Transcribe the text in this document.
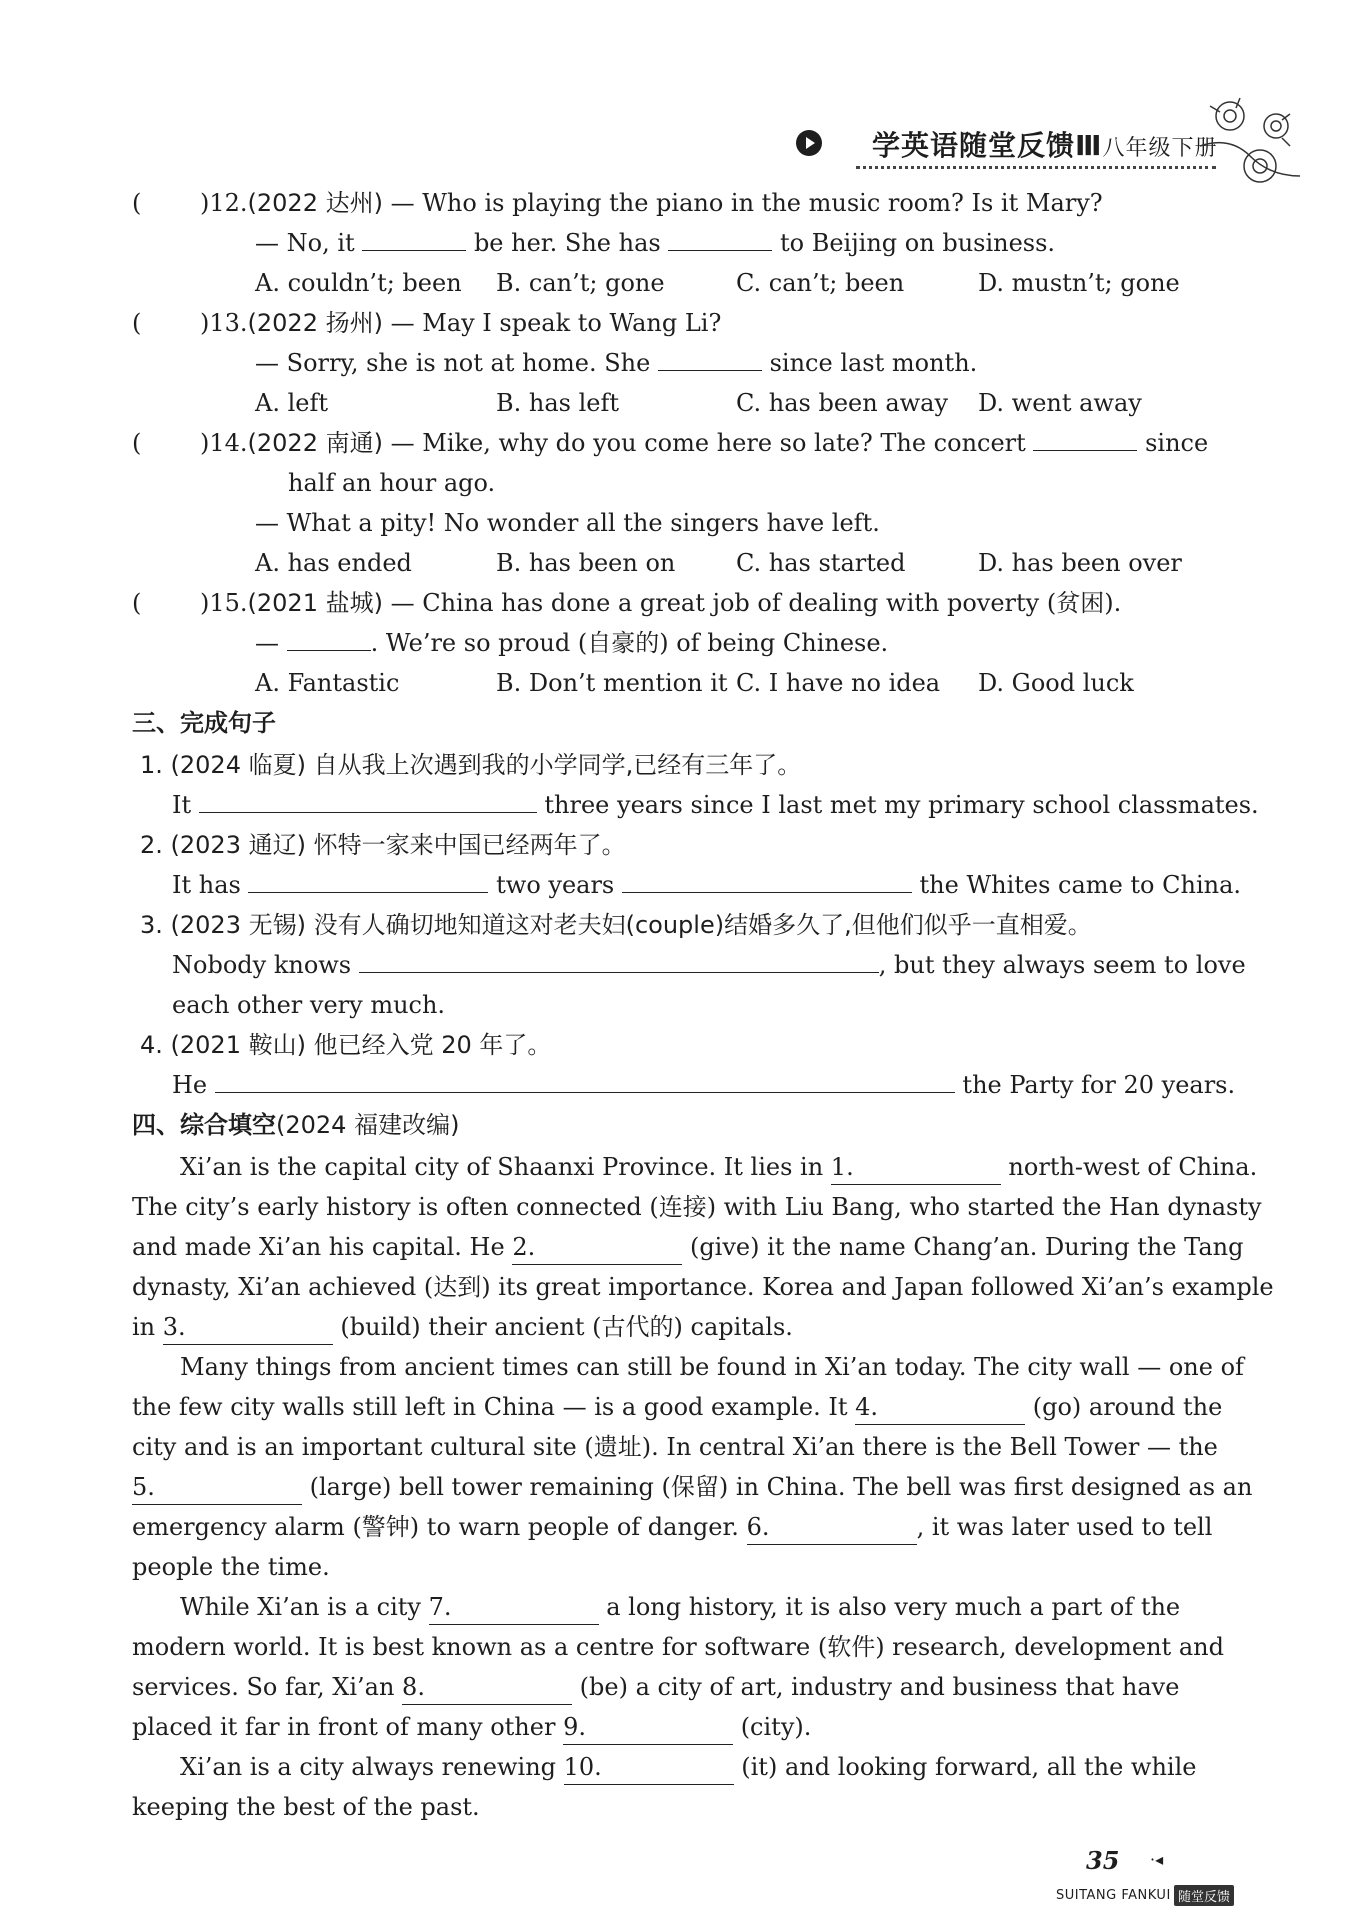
学英语随堂反馈Ⅲ八年级下册
( )12.(2022 达州) — Who is playing the piano in the music room? Is it Mary?
— No, it	be her. She has	to Beijing on business.
A. couldn’t; been B. can’t; gone	C. can’t; been	D. mustn’t; gone
( )13.(2022 扬州) — May I speak to Wang Li?
— Sorry, she is not at home. She	since last month.
A. left	B. has left	C. has been away D. went away
( )14.(2022 南通) — Mike, why do you come here so late? The concert	since
half an hour ago.
— What a pity! No wonder all the singers have left.
A. has ended	B. has been on	C. has started	D. has been over
( )15.(2021 盐城) — China has done a great job of dealing with poverty (贫困).
—	. We’re so proud (自豪的) of being Chinese.
A. Fantastic	B. Don’t mention it C. I have no idea D. Good luck
三、完成句子
1. (2024 临夏) 自从我上次遇到我的小学同学,已经有三年了。
It	three years since I last met my primary school classmates.
2. (2023 通辽) 怀特一家来中国已经两年了。
It has	two years	the Whites came to China.
3. (2023 无锡) 没有人确切地知道这对老夫妇(couple)结婚多久了,但他们似乎一直相爱。
Nobody knows	, but they always seem to love
each other very much.
4. (2021 鞍山) 他已经入党 20 年了。
He	the Party for 20 years.
四、综合填空(2024 福建改编)
Xi’an is the capital city of Shaanxi Province. It lies in 1.	north-west of China.
The city’s early history is often connected (连接) with Liu Bang, who started the Han dynasty
and made Xi’an his capital. He 2.	(give) it the name Chang’an. During the Tang
dynasty, Xi’an achieved (达到) its great importance. Korea and Japan followed Xi’an’s example
in 3.	(build) their ancient (古代的) capitals.
Many things from ancient times can still be found in Xi’an today. The city wall — one of
the few city walls still left in China — is a good example. It 4.	(go) around the
city and is an important cultural site (遗址). In central Xi’an there is the Bell Tower — the
5.	(large) bell tower remaining (保留) in China. The bell was first designed as an
emergency alarm (警钟) to warn people of danger. 6.	, it was later used to tell
people the time.
While Xi’an is a city 7.	a long history, it is also very much a part of the
modern world. It is best known as a centre for software (软件) research, development and
services. So far, Xi’an 8.	(be) a city of art, industry and business that have
placed it far in front of many other 9.	(city).
Xi’an is a city always renewing 10.	(it) and looking forward, all the while
keeping the best of the past.
35 ·◂
SUITANG FANKUI 随堂反馈
